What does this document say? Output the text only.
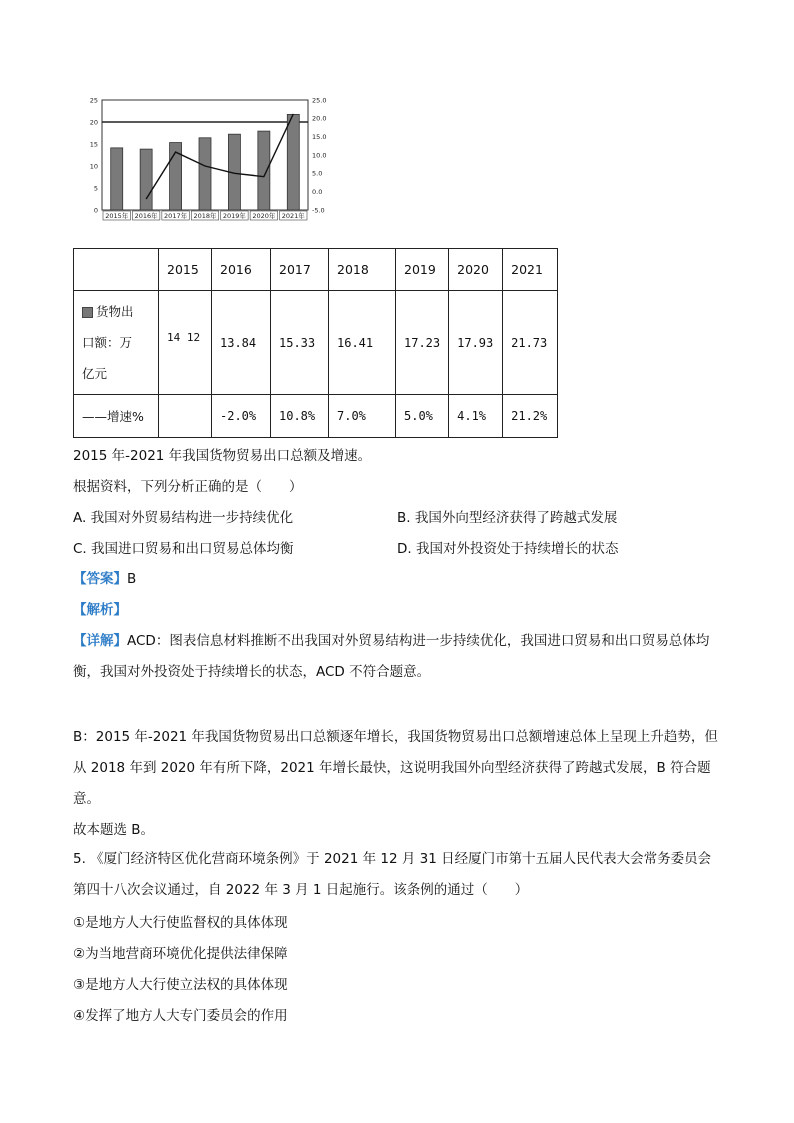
25
20
15
10
5
0
25.0
20.0
15.0
10.0
5.0
0.0
-5.0
2015年 2016年 2017年 2018年 2019年 2020年 2021年
	2015	2016	2017	2018	2019	2020	2021
货物出
口额：万
亿元	14 12	13.84	15.33	16.41	17.23	17.93	21.73
——增速%		-2.0%	10.8%	7.0%	5.0%	4.1%	21.2%
2015 年-2021 年我国货物贸易出口总额及增速。
根据资料，下列分析正确的是（　　）
A. 我国对外贸易结构进一步持续优化	B. 我国外向型经济获得了跨越式发展
C. 我国进口贸易和出口贸易总体均衡	D. 我国对外投资处于持续增长的状态
【答案】B
【解析】
【详解】ACD：图表信息材料推断不出我国对外贸易结构进一步持续优化，我国进口贸易和出口贸易总体均衡，我国对外投资处于持续增长的状态，ACD 不符合题意。
B：2015 年-2021 年我国货物贸易出口总额逐年增长，我国货物贸易出口总额增速总体上呈现上升趋势，但从 2018 年到 2020 年有所下降，2021 年增长最快，这说明我国外向型经济获得了跨越式发展，B 符合题意。
故本题选 B。
5. 《厦门经济特区优化营商环境条例》于 2021 年 12 月 31 日经厦门市第十五届人民代表大会常务委员会第四十八次会议通过，自 2022 年 3 月 1 日起施行。该条例的通过（　　）
①是地方人大行使监督权的具体体现
②为当地营商环境优化提供法律保障
③是地方人大行使立法权的具体体现
④发挥了地方人大专门委员会的作用
